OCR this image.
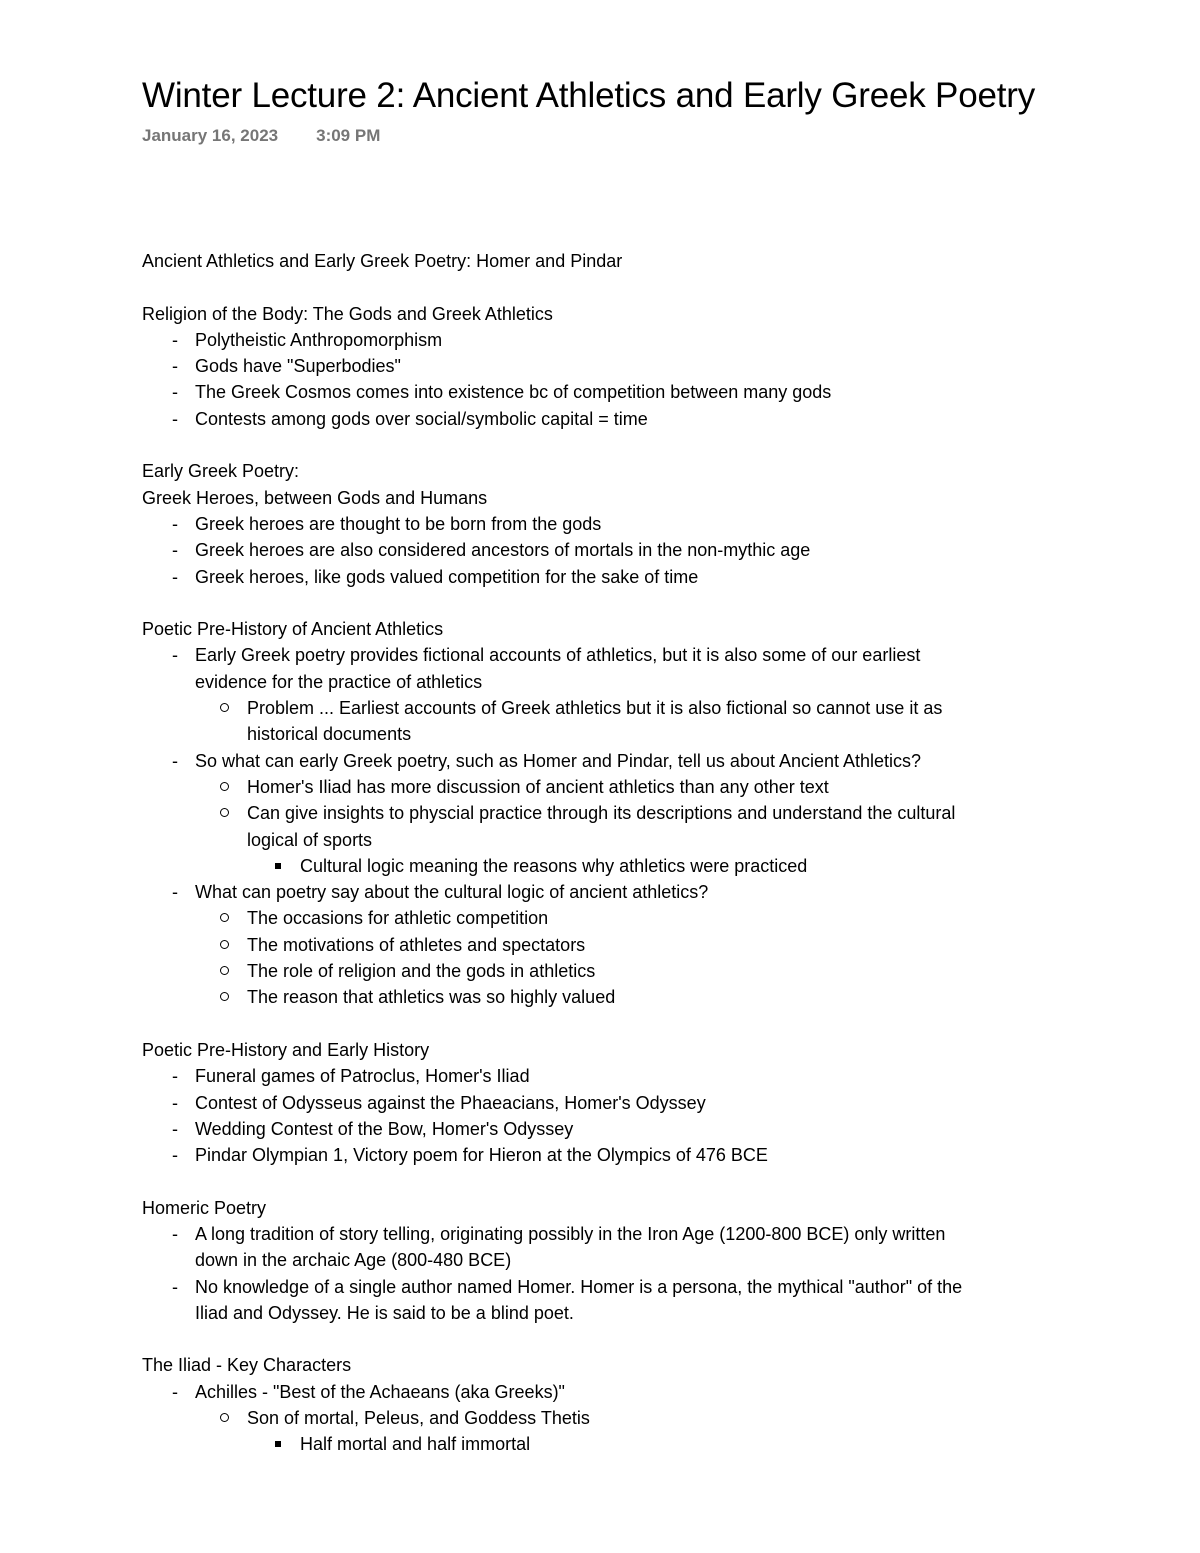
Winter Lecture 2: Ancient Athletics and Early Greek Poetry
January 16, 2023 3:09 PM
Ancient Athletics and Early Greek Poetry: Homer and Pindar
Religion of the Body: The Gods and Greek Athletics
- Polytheistic Anthropomorphism
- Gods have "Superbodies"
- The Greek Cosmos comes into existence bc of competition between many gods
- Contests among gods over social/symbolic capital = time
Early Greek Poetry:
Greek Heroes, between Gods and Humans
- Greek heroes are thought to be born from the gods
- Greek heroes are also considered ancestors of mortals in the non-mythic age
- Greek heroes, like gods valued competition for the sake of time
Poetic Pre-History of Ancient Athletics
- Early Greek poetry provides fictional accounts of athletics, but it is also some of our earliest
evidence for the practice of athletics
Problem ... Earliest accounts of Greek athletics but it is also fictional so cannot use it as
historical documents
- So what can early Greek poetry, such as Homer and Pindar, tell us about Ancient Athletics?
Homer's Iliad has more discussion of ancient athletics than any other text
Can give insights to physcial practice through its descriptions and understand the cultural
logical of sports
Cultural logic meaning the reasons why athletics were practiced
- What can poetry say about the cultural logic of ancient athletics?
The occasions for athletic competition
The motivations of athletes and spectators
The role of religion and the gods in athletics
The reason that athletics was so highly valued
Poetic Pre-History and Early History
- Funeral games of Patroclus, Homer's Iliad
- Contest of Odysseus against the Phaeacians, Homer's Odyssey
- Wedding Contest of the Bow, Homer's Odyssey
- Pindar Olympian 1, Victory poem for Hieron at the Olympics of 476 BCE
Homeric Poetry
- A long tradition of story telling, originating possibly in the Iron Age (1200-800 BCE) only written
down in the archaic Age (800-480 BCE)
- No knowledge of a single author named Homer. Homer is a persona, the mythical "author" of the
Iliad and Odyssey. He is said to be a blind poet.
The Iliad - Key Characters
- Achilles - "Best of the Achaeans (aka Greeks)"
Son of mortal, Peleus, and Goddess Thetis
Half mortal and half immortal
